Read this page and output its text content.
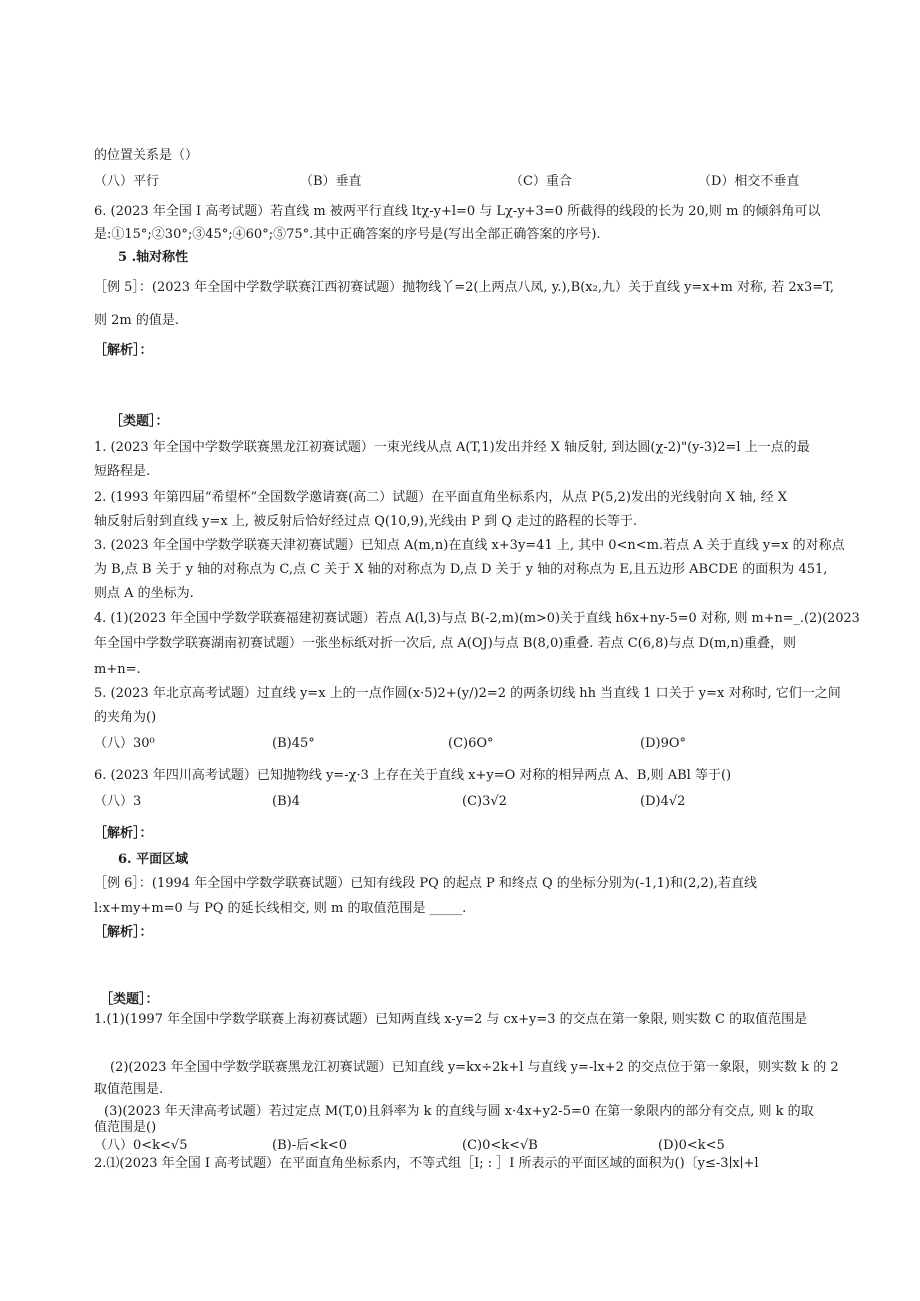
的位置关系是（）
（八）平行	（B）垂直	（C）重合	（D）相交不垂直
6. (2023 年全国 I 高考试题）若直线 m 被两平行直线 ltχ-y+l=0 与 Lχ-y+3=0 所截得的线段的长为 20,则 m 的倾斜角可以
是:①15°;②30°;③45°;④60°;⑤75°.其中正确答案的序号是(写出全部正确答案的序号).
5 .轴对称性
［例 5］：(2023 年全国中学数学联赛江西初赛试题）抛物线丫=2(上两点八凤, y.),B(x₂,九）关于直线 y=x+m 对称, 若 2x3=T,
则 2m 的值是.
［解析］：
［类题］：
1. (2023 年全国中学数学联赛黑龙江初赛试题）一束光线从点 A(T,1)发出并经 X 轴反射, 到达圆(χ-2)"(y-3)2=l 上一点的最
短路程是.
2. (1993 年第四届“希望杯”全国数学邀请赛(高二）试题）在平面直角坐标系内，从点 P(5,2)发出的光线射向 X 轴, 经 X
轴反射后射到直线 y=x 上, 被反射后恰好经过点 Q(10,9),光线由 P 到 Q 走过的路程的长等于.
3. (2023 年全国中学数学联赛天津初赛试题）已知点 A(m,n)在直线 x+3y=41 上, 其中 0<n<m.若点 A 关于直线 y=x 的对称点
为 B,点 B 关于 y 轴的对称点为 C,点 C 关于 X 轴的对称点为 D,点 D 关于 y 轴的对称点为 E,且五边形 ABCDE 的面积为 451,
则点 A 的坐标为.
4. (1)(2023 年全国中学数学联赛福建初赛试题）若点 A(l,3)与点 B(-2,m)(m>0)关于直线 h6x+ny-5=0 对称, 则 m+n=_.(2)(2023
年全国中学数学联赛湖南初赛试题）一张坐标纸对折一次后, 点 A(OJ)与点 B(8,0)重叠. 若点 C(6,8)与点 D(m,n)重叠，则
m+n=.
5. (2023 年北京高考试题）过直线 y=x 上的一点作圆(x·5)2+(y/)2=2 的两条切线 hh 当直线 1 口关于 y=x 对称时, 它们一之间
的夹角为()
（八）30⁰	(B)45°	(C)6O°	(D)9O°
6. (2023 年四川高考试题）已知抛物线 y=-χ·3 上存在关于直线 x+y=O 对称的相异两点 A、B,则 ABl 等于()
（八）3	(B)4	(C)3√2	(D)4√2
［解析］：
6. 平面区域
［例 6］：(1994 年全国中学数学联赛试题）已知有线段 PQ 的起点 P 和终点 Q 的坐标分别为(-1,1)和(2,2),若直线
l:x+my+m=0 与 PQ 的延长线相交, 则 m 的取值范围是 _____.
［解析］：
［类题］：
1.(1)(1997 年全国中学数学联赛上海初赛试题）已知两直线 x-y=2 与 cx+y=3 的交点在第一象限, 则实数 C 的取值范围是
(2)(2023 年全国中学数学联赛黑龙江初赛试题）已知直线 y=kx÷2k+l 与直线 y=-lx+2 的交点位于第一象限，则实数 k 的 2
取值范围是.
(3)(2023 年天津高考试题）若过定点 M(T,0)且斜率为 k 的直线与圆 x·4x+y2-5=0 在第一象限内的部分有交点, 则 k 的取
值范围是()
（八）0<k<√5	(B)-后<k<0	(C)0<k<√B	(D)0<k<5
2.⑴(2023 年全国 I 高考试题）在平面直角坐标系内，不等式组［I; : ］I 所表示的平面区域的面积为()〔y≤-3∣x∣+l
